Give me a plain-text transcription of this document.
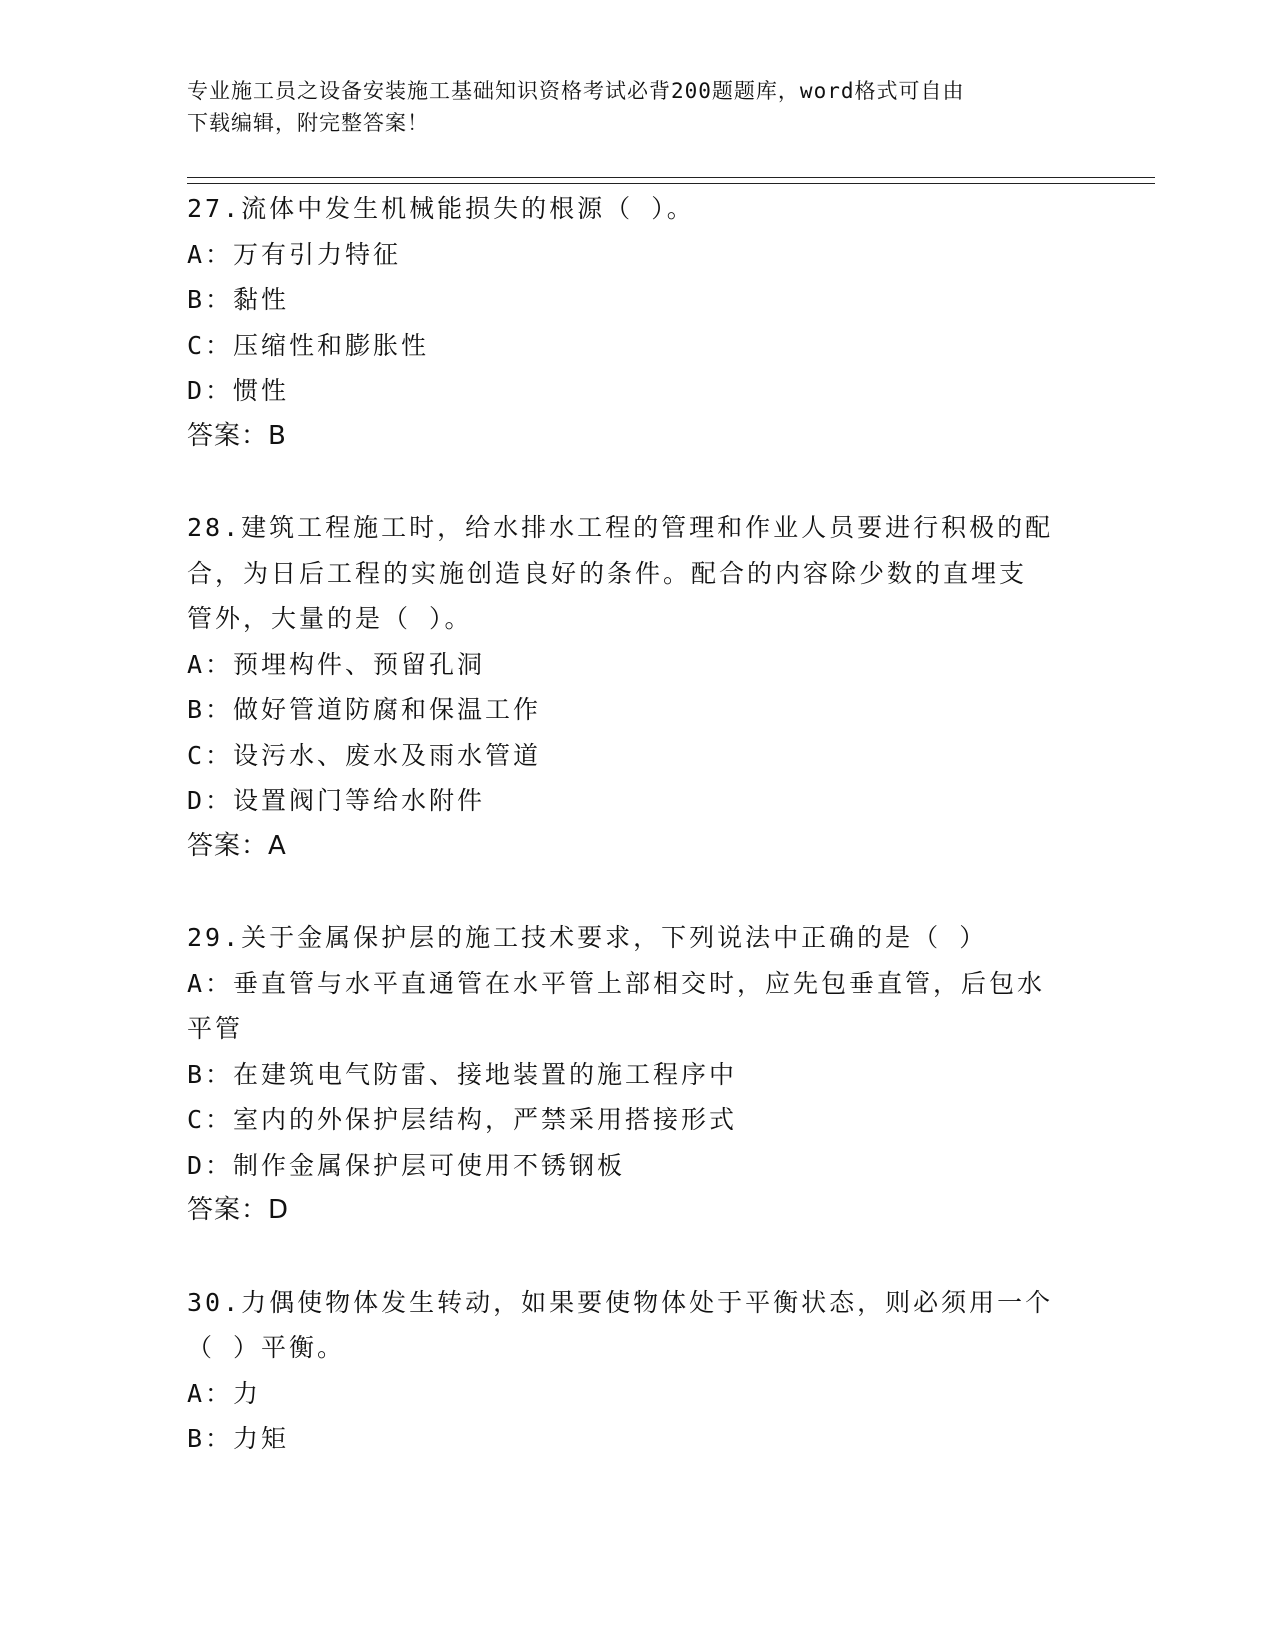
专业施工员之设备安装施工基础知识资格考试必背200题题库，word格式可自由
下载编辑，附完整答案！
27.流体中发生机械能损失的根源（ ）。
A：万有引力特征
B：黏性
C：压缩性和膨胀性
D：惯性
答案：B
28.建筑工程施工时，给水排水工程的管理和作业人员要进行积极的配
合，为日后工程的实施创造良好的条件。配合的内容除少数的直埋支
管外，大量的是（ ）。
A：预埋构件、预留孔洞
B：做好管道防腐和保温工作
C：设污水、废水及雨水管道
D：设置阀门等给水附件
答案：A
29.关于金属保护层的施工技术要求，下列说法中正确的是（ ）
A：垂直管与水平直通管在水平管上部相交时，应先包垂直管，后包水
平管
B：在建筑电气防雷、接地装置的施工程序中
C：室内的外保护层结构，严禁采用搭接形式
D：制作金属保护层可使用不锈钢板
答案：D
30.力偶使物体发生转动，如果要使物体处于平衡状态，则必须用一个
（ ）平衡。
A：力
B：力矩
